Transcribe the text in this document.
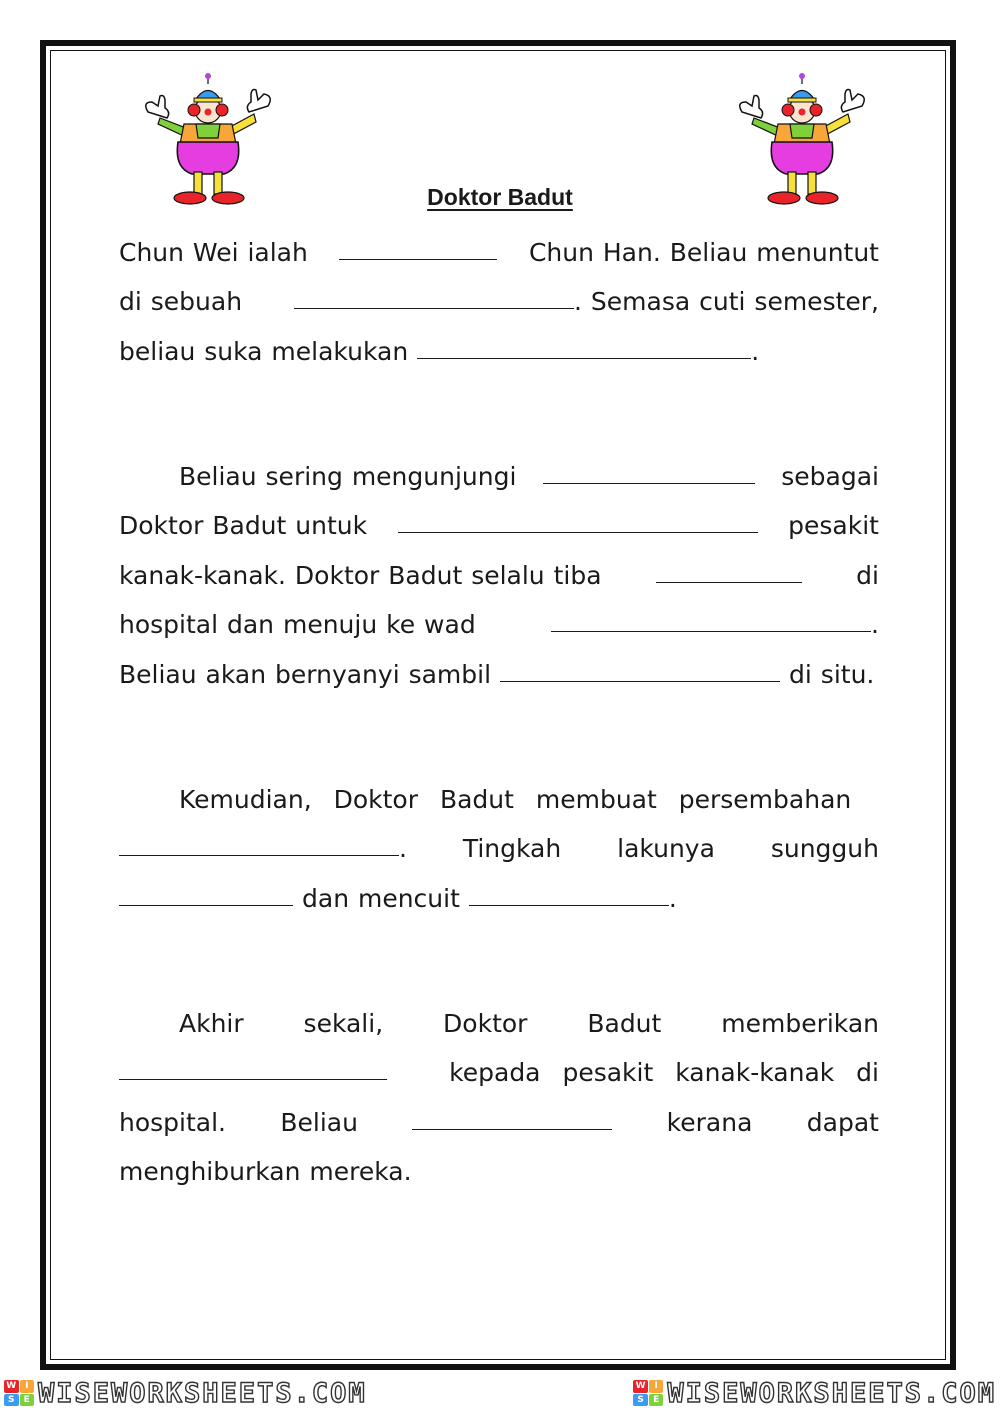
Doktor Badut
Chun Wei ialah	Chun Han. Beliau menuntut
di sebuah	. Semasa cuti semester,
beliau suka melakukan	.
Beliau sering mengunjungi	sebagai
Doktor Badut untuk	pesakit
kanak-kanak. Doktor Badut selalu tiba	di
hospital dan menuju ke wad	.
Beliau akan bernyanyi sambil	di situ.
Kemudian, Doktor Badut membuat persembahan
. Tingkah lakunya sungguh
dan mencuit	.
Akhir sekali, Doktor Badut memberikan
kepada pesakit kanak-kanak di
hospital. Beliau	kerana dapat
menghiburkan mereka.
W I
S	E WISEWORKSHEETS.COM	W I
S	E WISEWORKSHEETS.COM
